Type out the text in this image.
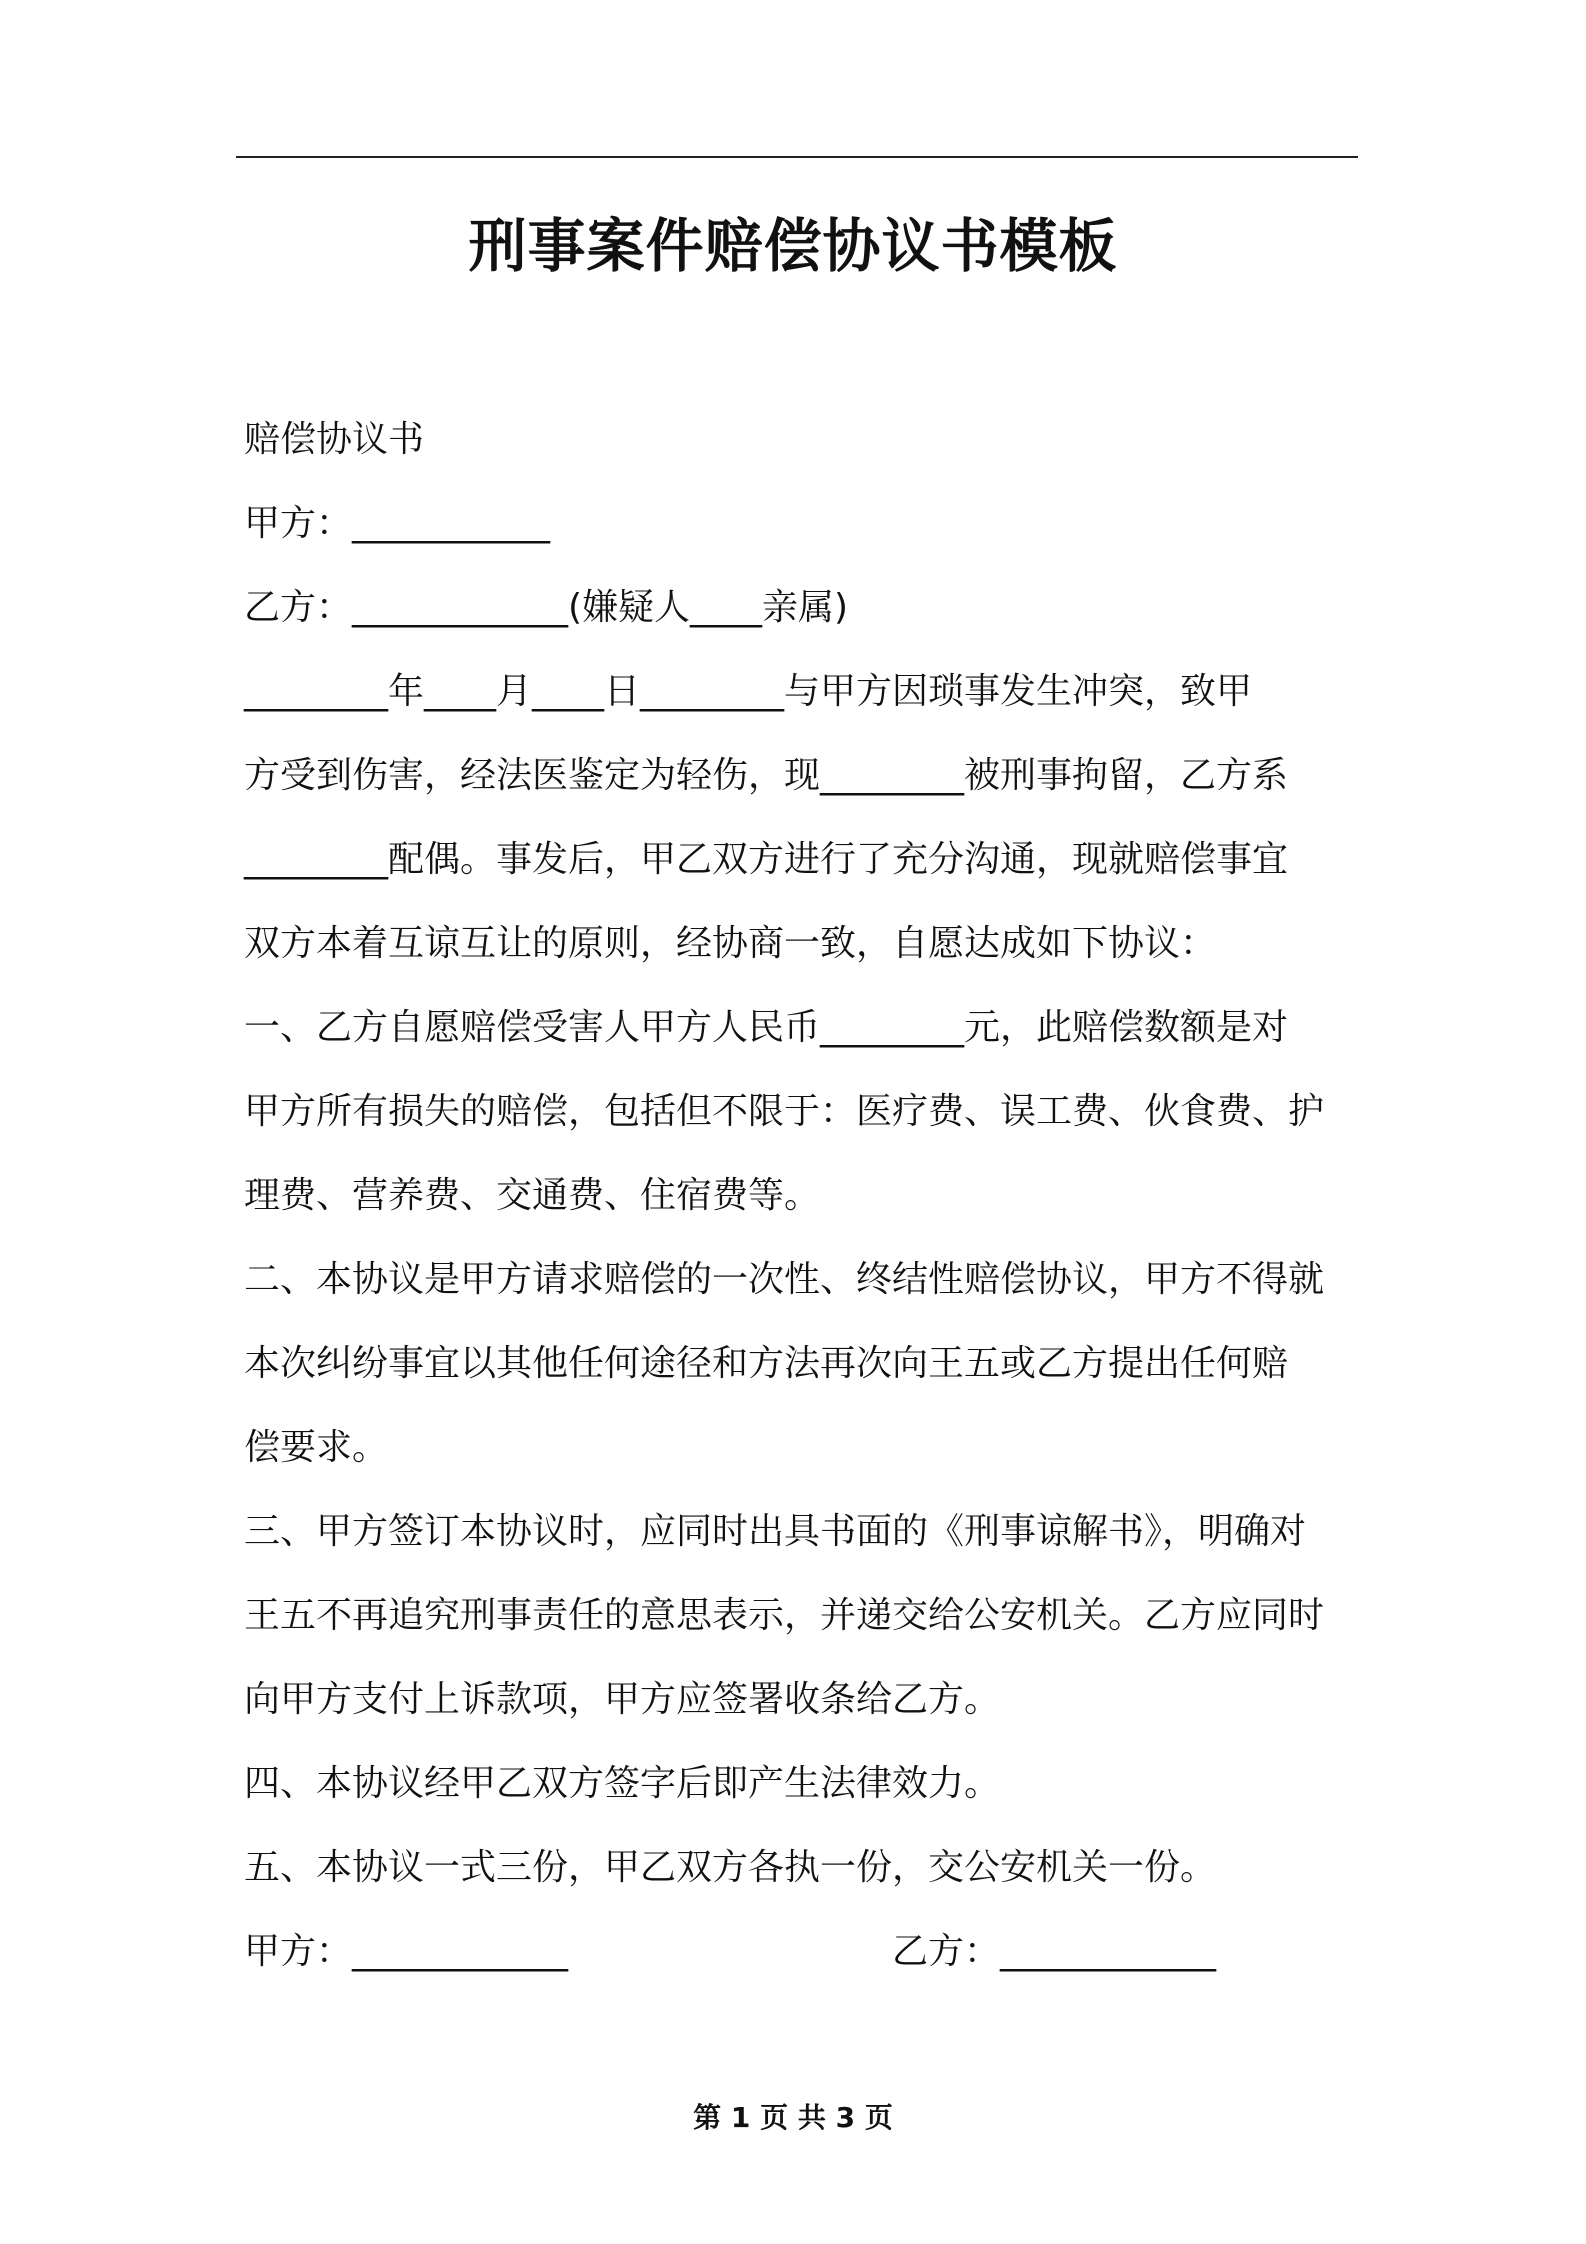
刑事案件赔偿协议书模板
赔偿协议书
甲方：___________
乙方：____________(嫌疑人____亲属)
________年____月____日________与甲方因琐事发生冲突，致甲
方受到伤害，经法医鉴定为轻伤，现________被刑事拘留，乙方系
________配偶。事发后，甲乙双方进行了充分沟通，现就赔偿事宜
双方本着互谅互让的原则，经协商一致，自愿达成如下协议：
一、乙方自愿赔偿受害人甲方人民币________元，此赔偿数额是对
甲方所有损失的赔偿，包括但不限于：医疗费、误工费、伙食费、护
理费、营养费、交通费、住宿费等。
二、本协议是甲方请求赔偿的一次性、终结性赔偿协议，甲方不得就
本次纠纷事宜以其他任何途径和方法再次向王五或乙方提出任何赔
偿要求。
三、甲方签订本协议时，应同时出具书面的《刑事谅解书》，明确对
王五不再追究刑事责任的意思表示，并递交给公安机关。乙方应同时
向甲方支付上诉款项，甲方应签署收条给乙方。
四、本协议经甲乙双方签字后即产生法律效力。
五、本协议一式三份，甲乙双方各执一份，交公安机关一份。
甲方：____________	乙方：____________
第 1 页 共 3 页
